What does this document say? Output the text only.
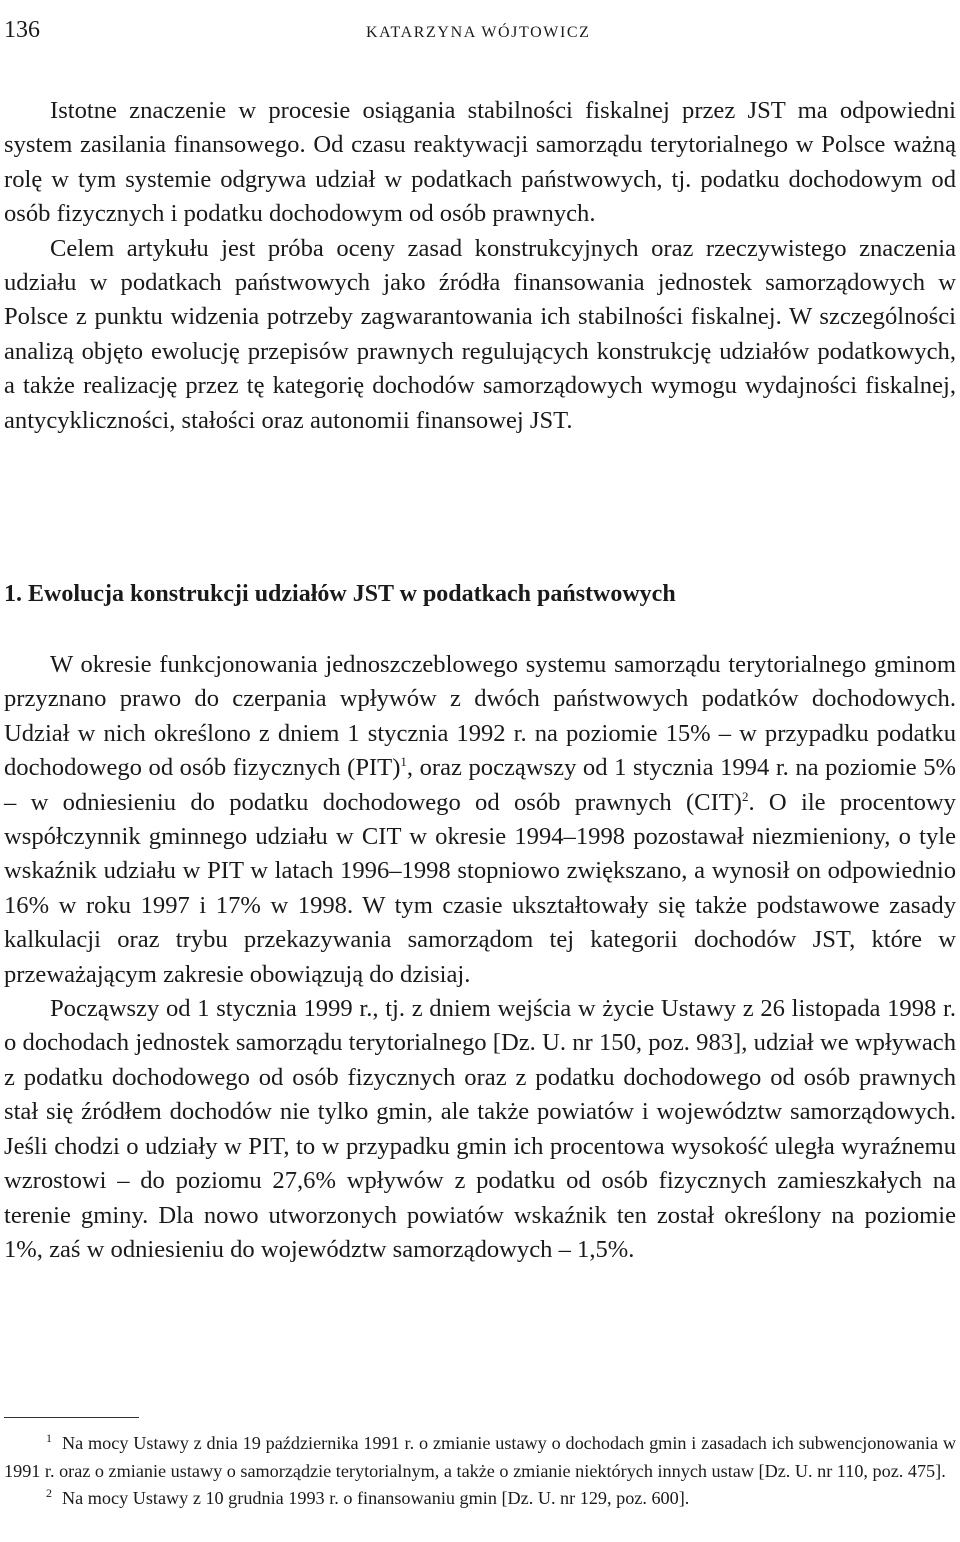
136	KATARZYNA WÓJTOWICZ

Istotne znaczenie w procesie osiągania stabilności fiskalnej przez JST ma odpowiedni system zasilania finansowego. Od czasu reaktywacji samorządu terytorialnego w Polsce ważną rolę w tym systemie odgrywa udział w podatkach państwowych, tj. podatku dochodowym od osób fizycznych i podatku dochodowym od osób prawnych.

Celem artykułu jest próba oceny zasad konstrukcyjnych oraz rzeczywistego znaczenia udziału w podatkach państwowych jako źródła finansowania jednostek samorządowych w Polsce z punktu widzenia potrzeby zagwarantowania ich stabilności fiskalnej. W szczególności analizą objęto ewolucję przepisów prawnych regulujących konstrukcję udziałów podatkowych, a także realizację przez tę kategorię dochodów samorządowych wymogu wydajności fiskalnej, antycykliczności, stałości oraz autonomii finansowej JST.

1. Ewolucja konstrukcji udziałów JST w podatkach państwowych

W okresie funkcjonowania jednoszczeblowego systemu samorządu terytorialnego gminom przyznano prawo do czerpania wpływów z dwóch państwowych podatków dochodowych. Udział w nich określono z dniem 1 stycznia 1992 r. na poziomie 15% – w przypadku podatku dochodowego od osób fizycznych (PIT)$^1$, oraz począwszy od 1 stycznia 1994 r. na poziomie 5% – w odniesieniu do podatku dochodowego od osób prawnych (CIT)$^2$. O ile procentowy współczynnik gminnego udziału w CIT w okresie 1994–1998 pozostawał niezmieniony, o tyle wskaźnik udziału w PIT w latach 1996–1998 stopniowo zwiększano, a wynosił on odpowiednio 16% w roku 1997 i 17% w 1998. W tym czasie ukształtowały się także podstawowe zasady kalkulacji oraz trybu przekazywania samorządom tej kategorii dochodów JST, które w przeważającym zakresie obowiązują do dzisiaj.

Począwszy od 1 stycznia 1999 r., tj. z dniem wejścia w życie Ustawy z 26 listopada 1998 r. o dochodach jednostek samorządu terytorialnego [Dz. U. nr 150, poz. 983], udział we wpływach z podatku dochodowego od osób fizycznych oraz z podatku dochodowego od osób prawnych stał się źródłem dochodów nie tylko gmin, ale także powiatów i województw samorządowych. Jeśli chodzi o udziały w PIT, to w przypadku gmin ich procentowa wysokość uległa wyraźnemu wzrostowi – do poziomu 27,6% wpływów z podatku od osób fizycznych zamieszkałych na terenie gminy. Dla nowo utworzonych powiatów wskaźnik ten został określony na poziomie 1%, zaś w odniesieniu do województw samorządowych – 1,5%.

$^1$ Na mocy Ustawy z dnia 19 października 1991 r. o zmianie ustawy o dochodach gmin i zasadach ich subwencjonowania w 1991 r. oraz o zmianie ustawy o samorządzie terytorialnym, a także o zmianie niektórych innych ustaw [Dz. U. nr 110, poz. 475].

$^2$ Na mocy Ustawy z 10 grudnia 1993 r. o finansowaniu gmin [Dz. U. nr 129, poz. 600].
